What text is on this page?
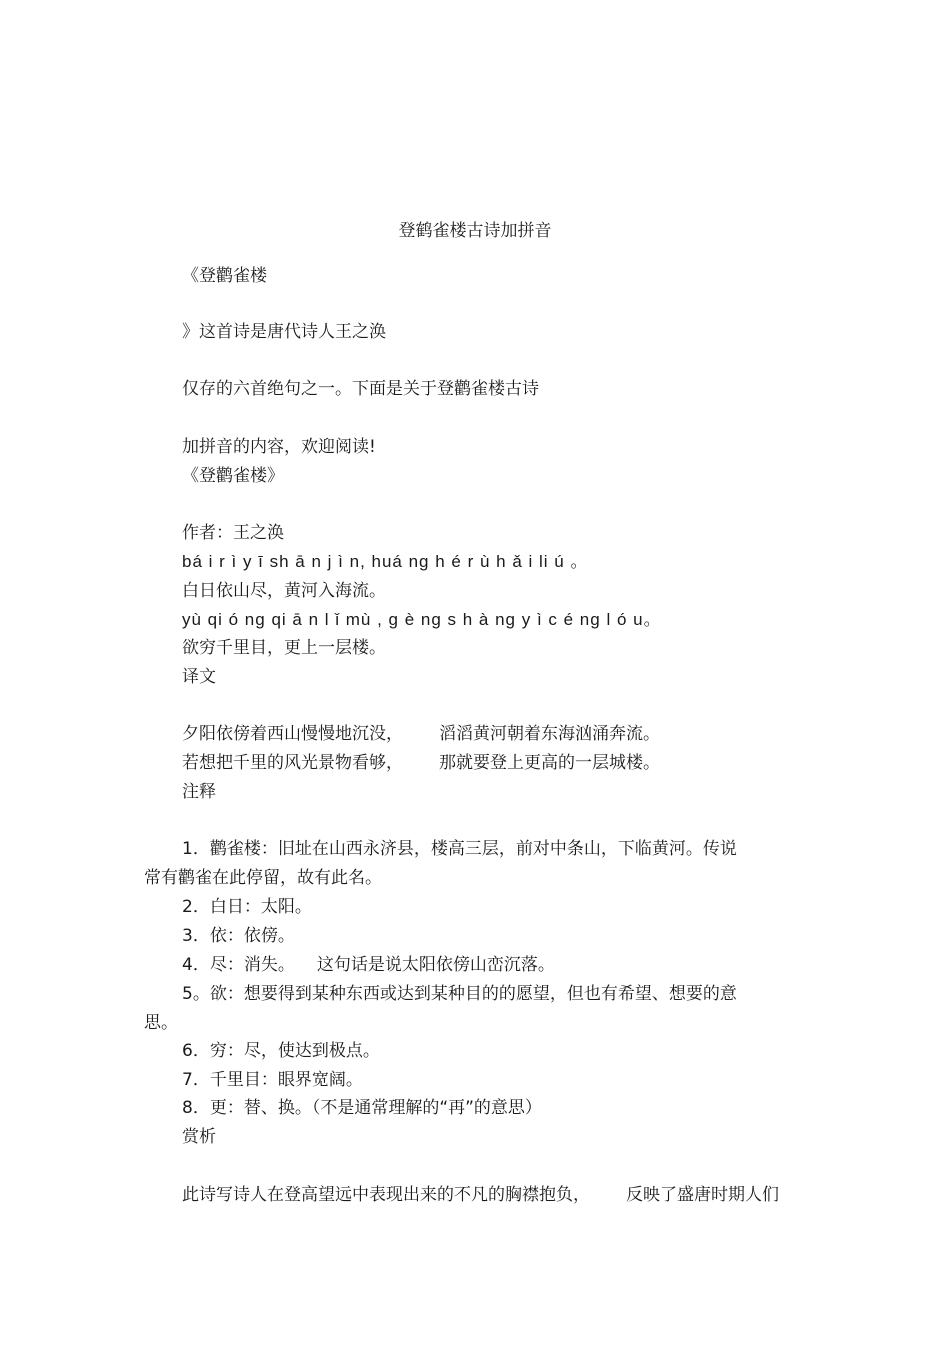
登鹤雀楼古诗加拼音
《登鹳雀楼
》这首诗是唐代诗人王之涣
仅存的六首绝句之一。下面是关于登鹳雀楼古诗
加拼音的内容，欢迎阅读!
《登鹳雀楼》
作者：王之涣
bá i r ì y ī sh ā n j ì n, huá ng h é r ù h ǎ i li ú 。
白日依山尽，黄河入海流。
yù qi ó ng qi ā n l ǐ mù , g è ng s h à ng y ì c é ng l ó u。
欲穷千里目，更上一层楼。
译文
夕阳依傍着西山慢慢地沉没， 滔滔黄河朝着东海汹涌奔流。
若想把千里的风光景物看够， 那就要登上更高的一层城楼。
注释
1．鹳雀楼：旧址在山西永济县，楼高三层，前对中条山，下临黄河。传说
常有鹳雀在此停留，故有此名。
2．白日：太阳。
3．依：依傍。
4．尽：消失。 这句话是说太阳依傍山峦沉落。
5。欲：想要得到某种东西或达到某种目的的愿望，但也有希望、想要的意
思。
6．穷：尽，使达到极点。
7．千里目：眼界宽阔。
8．更：替、换。（不是通常理解的“再”的意思）
赏析
此诗写诗人在登高望远中表现出来的不凡的胸襟抱负， 反映了盛唐时期人们
